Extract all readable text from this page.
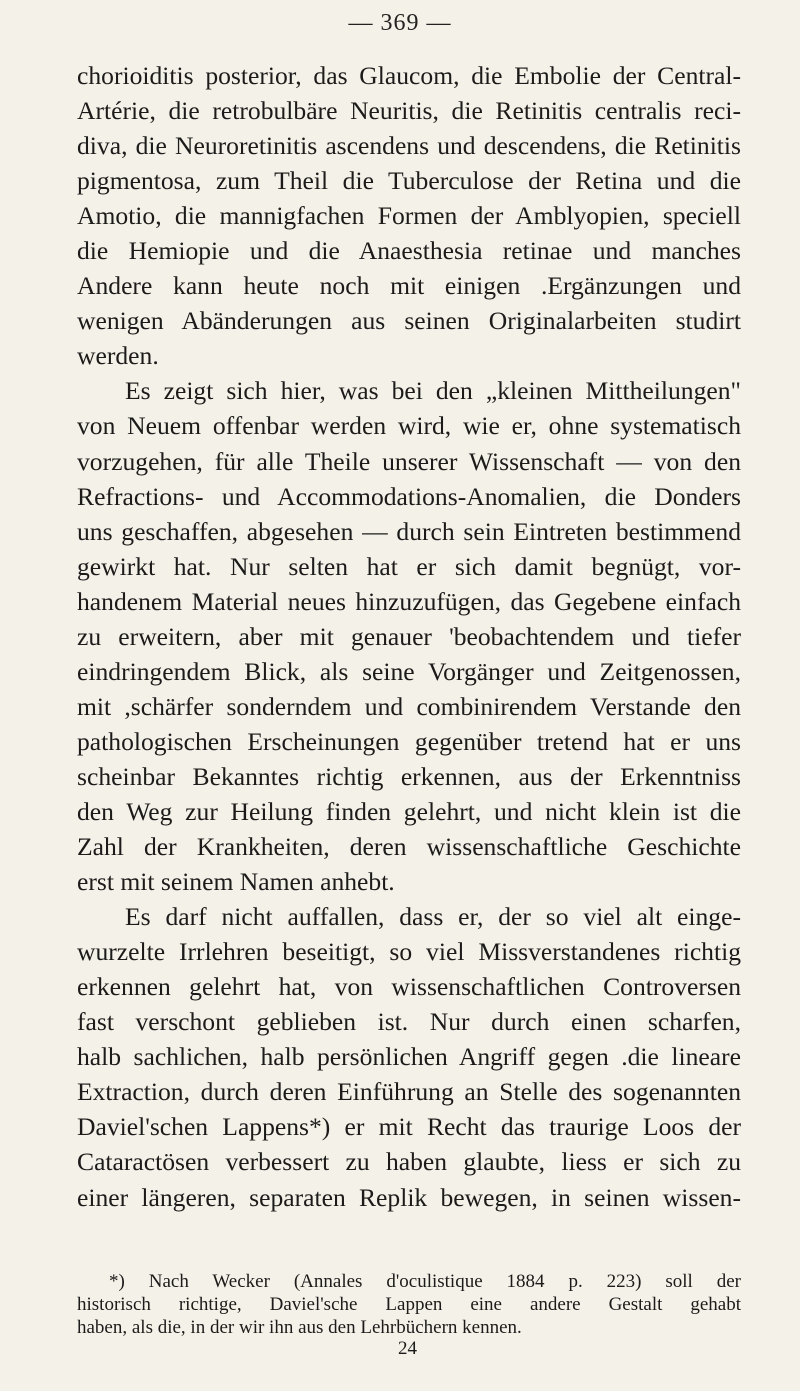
— 369 —
chorioiditis posterior, das Glaucom, die Embolie der Central-
Artérie, die retrobulbäre Neuritis, die Retinitis centralis reci-
diva, die Neuroretinitis ascendens und descendens, die Retinitis
pigmentosa, zum Theil die Tuberculose der Retina und die
Amotio, die mannigfachen Formen der Amblyopien, speciell
die Hemiopie und die Anaesthesia retinae und manches
Andere kann heute noch mit einigen .Ergänzungen und
wenigen Abänderungen aus seinen Originalarbeiten studirt
werden.
Es zeigt sich hier, was bei den „kleinen Mittheilungen"
von Neuem offenbar werden wird, wie er, ohne systematisch
vorzugehen, für alle Theile unserer Wissenschaft — von den
Refractions- und Accommodations-Anomalien, die Donders
uns geschaffen, abgesehen — durch sein Eintreten bestimmend
gewirkt hat. Nur selten hat er sich damit begnügt, vor-
handenem Material neues hinzuzufügen, das Gegebene einfach
zu erweitern, aber mit genauer 'beobachtendem und tiefer
eindringendem Blick, als seine Vorgänger und Zeitgenossen,
mit ,schärfer sonderndem und combinirendem Verstande den
pathologischen Erscheinungen gegenüber tretend hat er uns
scheinbar Bekanntes richtig erkennen, aus der Erkenntniss
den Weg zur Heilung finden gelehrt, und nicht klein ist die
Zahl der Krankheiten, deren wissenschaftliche Geschichte
erst mit seinem Namen anhebt.
Es darf nicht auffallen, dass er, der so viel alt einge-
wurzelte Irrlehren beseitigt, so viel Missverstandenes richtig
erkennen gelehrt hat, von wissenschaftlichen Controversen
fast verschont geblieben ist. Nur durch einen scharfen,
halb sachlichen, halb persönlichen Angriff gegen .die lineare
Extraction, durch deren Einführung an Stelle des sogenannten
Daviel'schen Lappens*) er mit Recht das traurige Loos der
Cataractösen verbessert zu haben glaubte, liess er sich zu
einer längeren, separaten Replik bewegen, in seinen wissen-
*) Nach Wecker (Annales d'oculistique 1884 p. 223) soll der
historisch richtige, Daviel'sche Lappen eine andere Gestalt gehabt
haben, als die, in der wir ihn aus den Lehrbüchern kennen.
24
